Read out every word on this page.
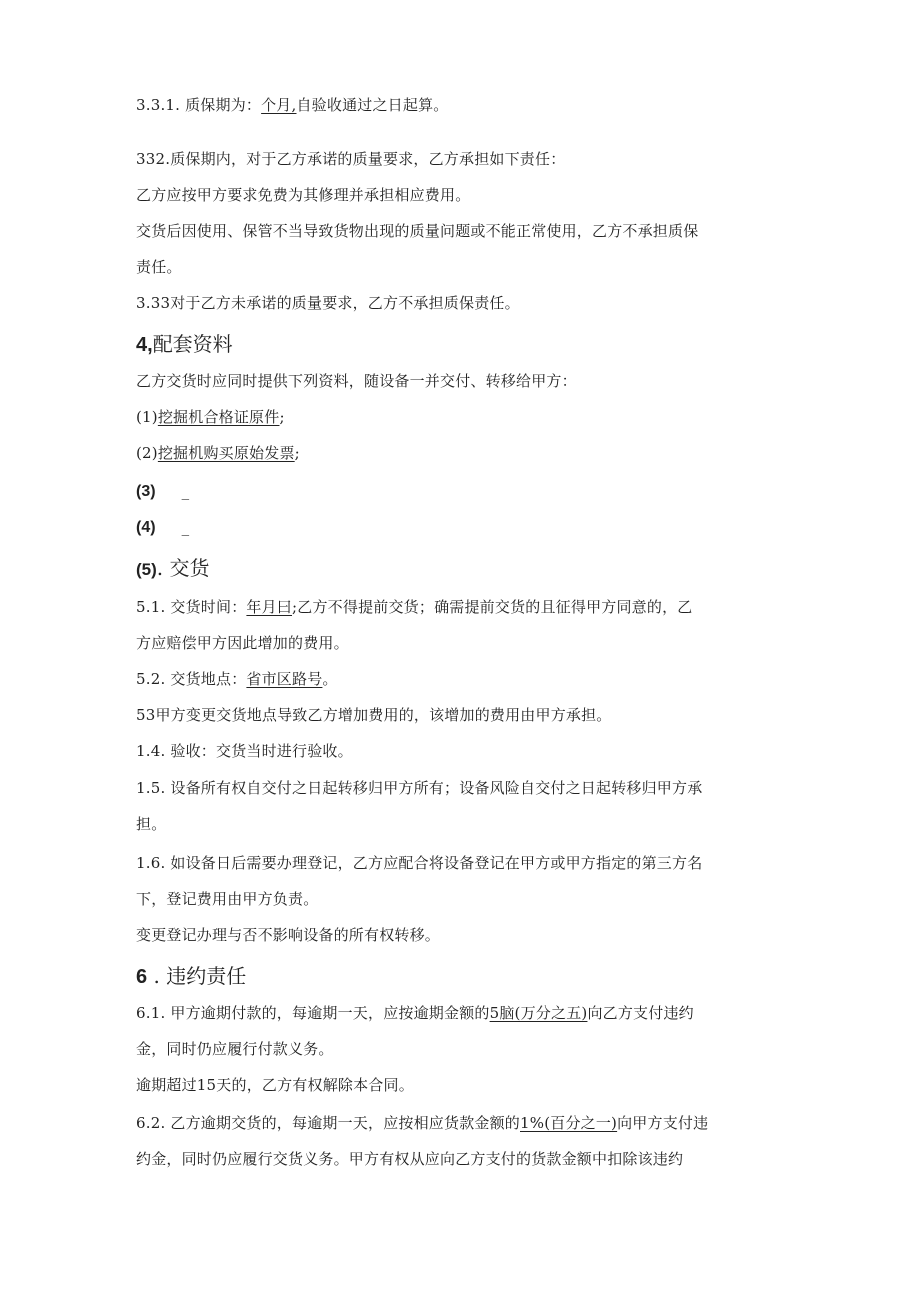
3.3.1. 质保期为：个月,自验收通过之日起算。
332.质保期内，对于乙方承诺的质量要求，乙方承担如下责任：
乙方应按甲方要求免费为其修理并承担相应费用。
交货后因使用、保管不当导致货物出现的质量问题或不能正常使用，乙方不承担质保
责任。
3.33对于乙方未承诺的质量要求，乙方不承担质保责任。
4,配套资料
乙方交货时应同时提供下列资料，随设备一并交付、转移给甲方：
(1)挖掘机合格证原件;
(2)挖掘机购买原始发票;
(3) _
(4) _
(5). 交货
5.1. 交货时间：年月曰;乙方不得提前交货；确需提前交货的且征得甲方同意的，乙
方应赔偿甲方因此增加的费用。
5.2. 交货地点：省市区路号。
53甲方变更交货地点导致乙方增加费用的，该增加的费用由甲方承担。
1.4. 验收：交货当时进行验收。
1.5. 设备所有权自交付之日起转移归甲方所有；设备风险自交付之日起转移归甲方承
担。
1.6. 如设备日后需要办理登记，乙方应配合将设备登记在甲方或甲方指定的第三方名
下，登记费用由甲方负责。
变更登记办理与否不影响设备的所有权转移。
6 . 违约责任
6.1. 甲方逾期付款的，每逾期一天，应按逾期金额的5脑(万分之五)向乙方支付违约
金，同时仍应履行付款义务。
逾期超过15天的，乙方有权解除本合同。
6.2. 乙方逾期交货的，每逾期一天，应按相应货款金额的1%(百分之一)向甲方支付违
约金，同时仍应履行交货义务。甲方有权从应向乙方支付的货款金额中扣除该违约
